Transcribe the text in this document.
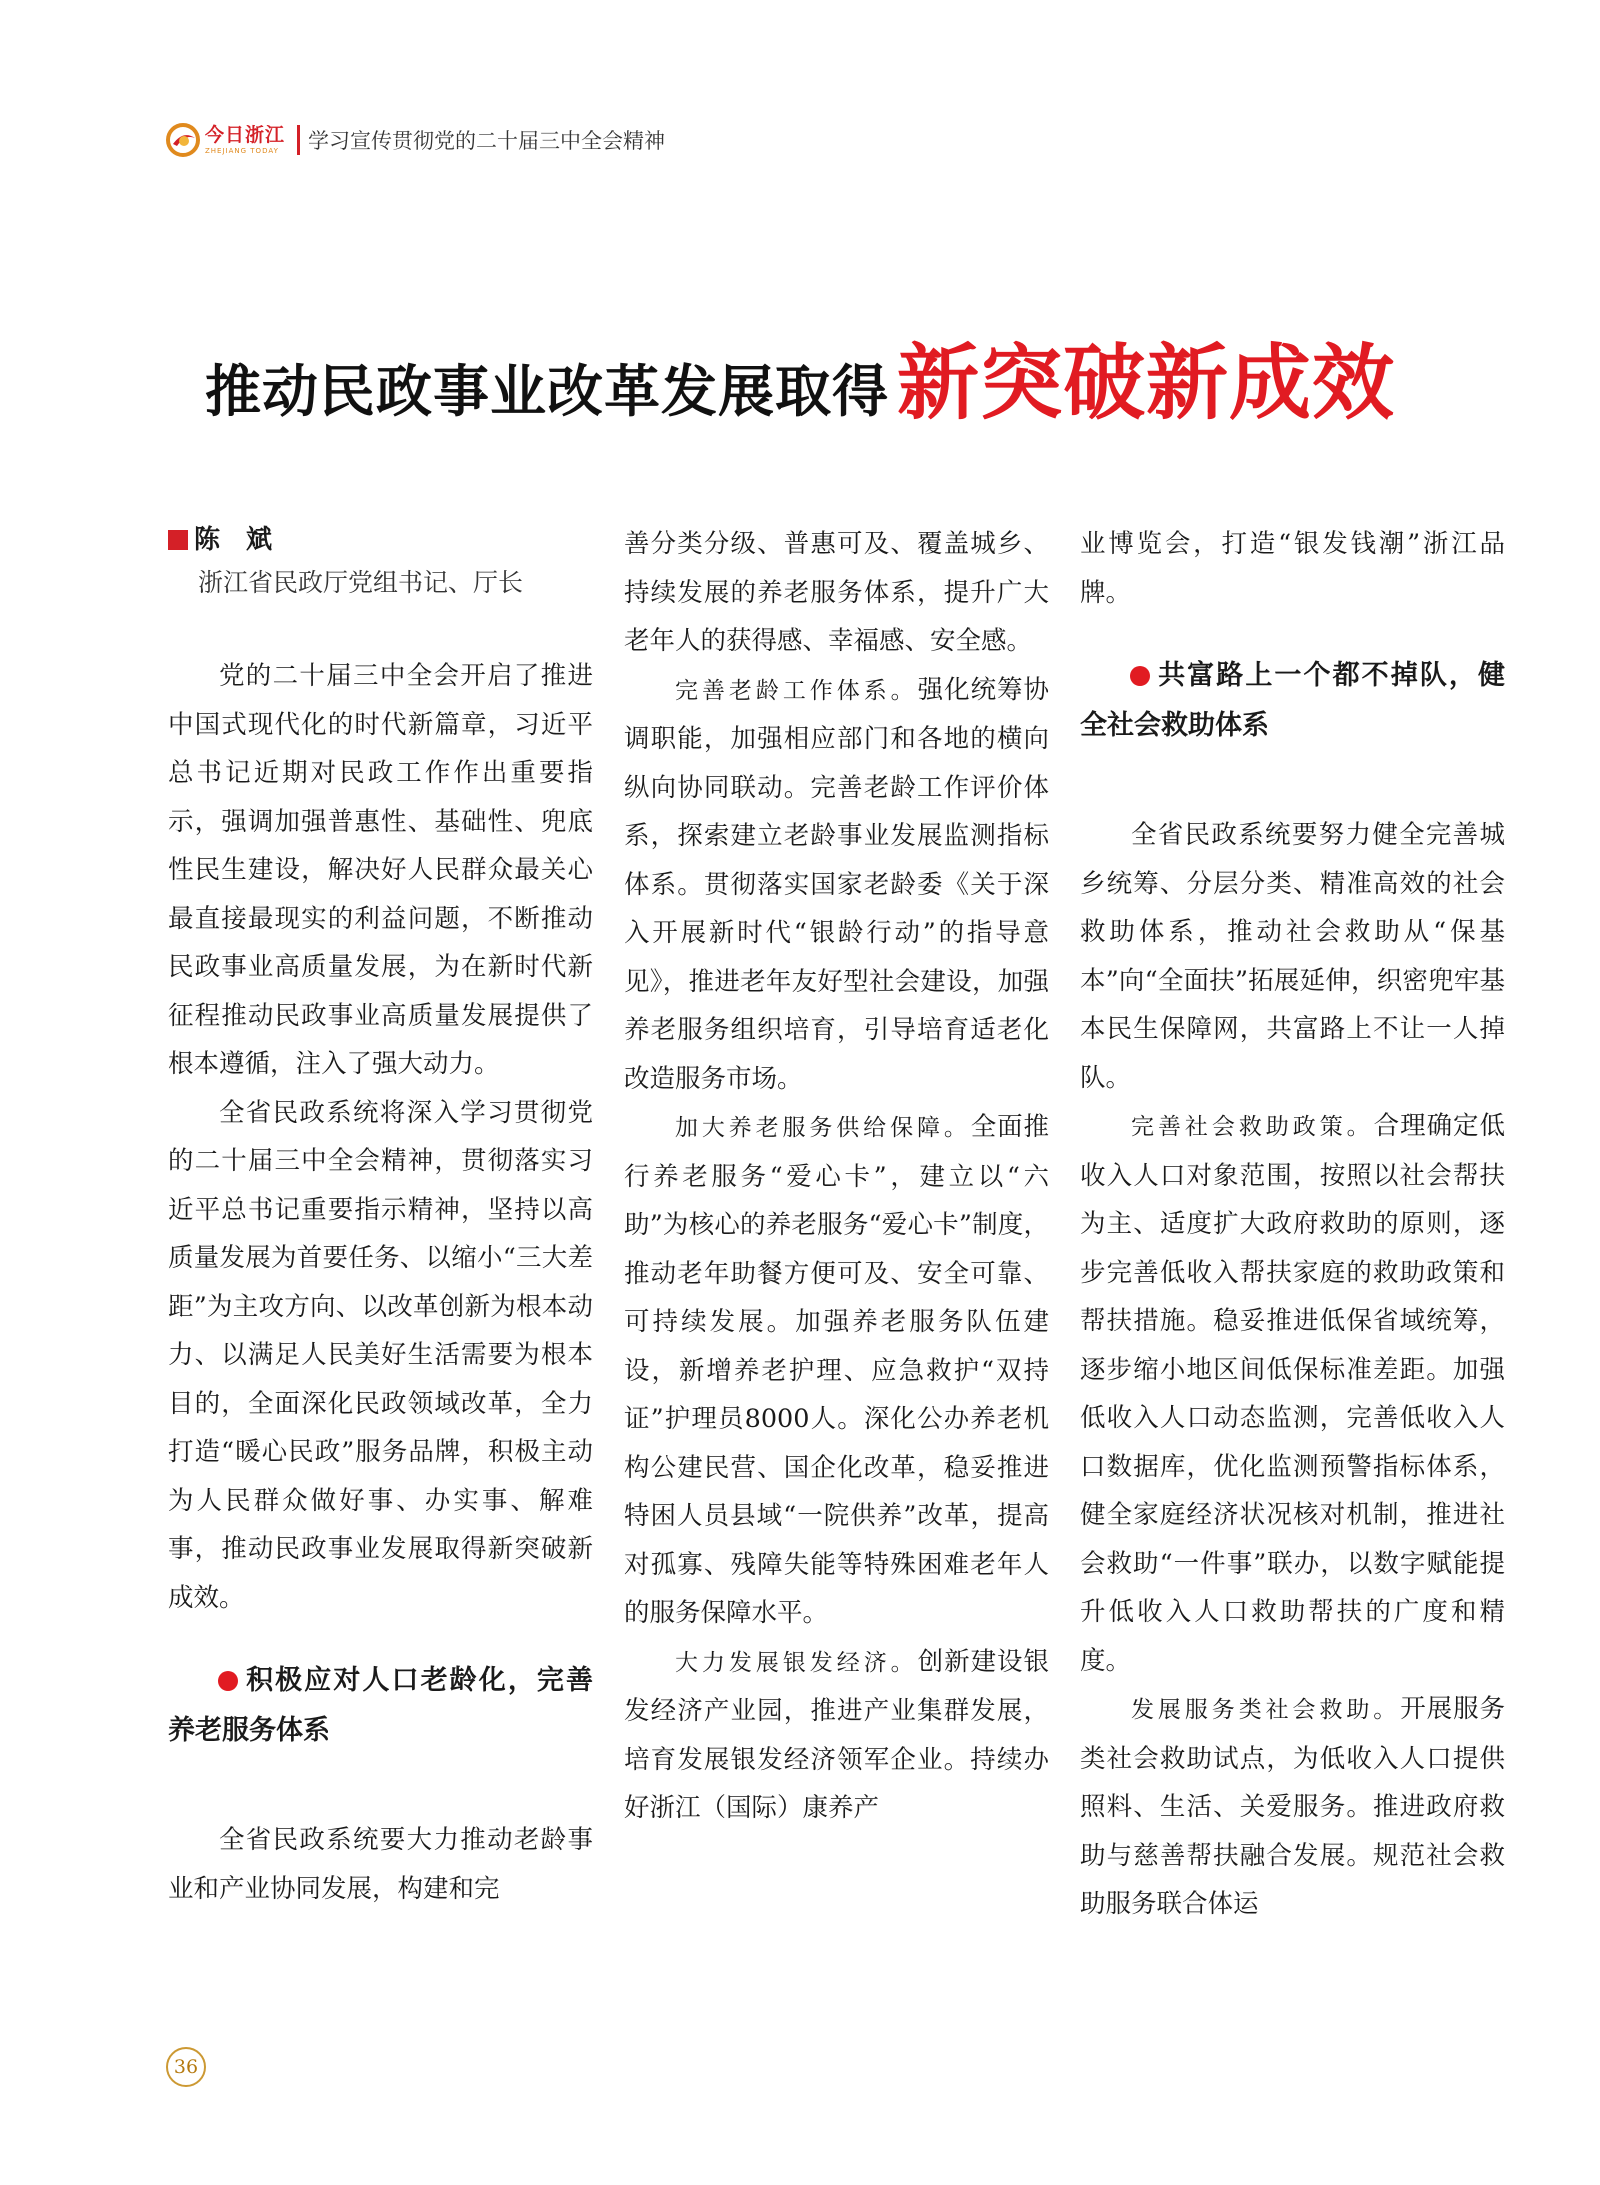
今日浙江
ZHEJIANG TODAY 学习宣传贯彻党的二十届三中全会精神
推动民政事业改革发展取得新突破新成效
陈斌
浙江省民政厅党组书记、厅长

党的二十届三中全会开启了推进中国式现代化的时代新篇章，习近平总书记近期对民政工作作出重要指示，强调加强普惠性、基础性、兜底性民生建设，解决好人民群众最关心最直接最现实的利益问题，不断推动民政事业高质量发展，为在新时代新征程推动民政事业高质量发展提供了根本遵循，注入了强大动力。

全省民政系统将深入学习贯彻党的二十届三中全会精神，贯彻落实习近平总书记重要指示精神，坚持以高质量发展为首要任务、以缩小“三大差距”为主攻方向、以改革创新为根本动力、以满足人民美好生活需要为根本目的，全面深化民政领域改革，全力打造“暖心民政”服务品牌，积极主动为人民群众做好事、办实事、解难事，推动民政事业发展取得新突破新成效。

积极应对人口老龄化，完善养老服务体系

全省民政系统要大力推动老龄事业和产业协同发展，构建和完

善分类分级、普惠可及、覆盖城乡、持续发展的养老服务体系，提升广大老年人的获得感、幸福感、安全感。

完善老龄工作体系。强化统筹协调职能，加强相应部门和各地的横向纵向协同联动。完善老龄工作评价体系，探索建立老龄事业发展监测指标体系。贯彻落实国家老龄委《关于深入开展新时代“银龄行动”的指导意见》，推进老年友好型社会建设，加强养老服务组织培育，引导培育适老化改造服务市场。

加大养老服务供给保障。全面推行养老服务“爱心卡”，建立以“六助”为核心的养老服务“爱心卡”制度，推动老年助餐方便可及、安全可靠、可持续发展。加强养老服务队伍建设，新增养老护理、应急救护“双持证”护理员8000人。深化公办养老机构公建民营、国企化改革，稳妥推进特困人员县域“一院供养”改革，提高对孤寡、残障失能等特殊困难老年人的服务保障水平。

大力发展银发经济。创新建设银发经济产业园，推进产业集群发展，培育发展银发经济领军企业。持续办好浙江（国际）康养产

业博览会，打造“银发钱潮”浙江品牌。

共富路上一个都不掉队，健全社会救助体系

全省民政系统要努力健全完善城乡统筹、分层分类、精准高效的社会救助体系，推动社会救助从“保基本”向“全面扶”拓展延伸，织密兜牢基本民生保障网，共富路上不让一人掉队。

完善社会救助政策。合理确定低收入人口对象范围，按照以社会帮扶为主、适度扩大政府救助的原则，逐步完善低收入帮扶家庭的救助政策和帮扶措施。稳妥推进低保省域统筹，逐步缩小地区间低保标准差距。加强低收入人口动态监测，完善低收入人口数据库，优化监测预警指标体系，健全家庭经济状况核对机制，推进社会救助“一件事”联办，以数字赋能提升低收入人口救助帮扶的广度和精度。

发展服务类社会救助。开展服务类社会救助试点，为低收入人口提供照料、生活、关爱服务。推进政府救助与慈善帮扶融合发展。规范社会救助服务联合体运

36
